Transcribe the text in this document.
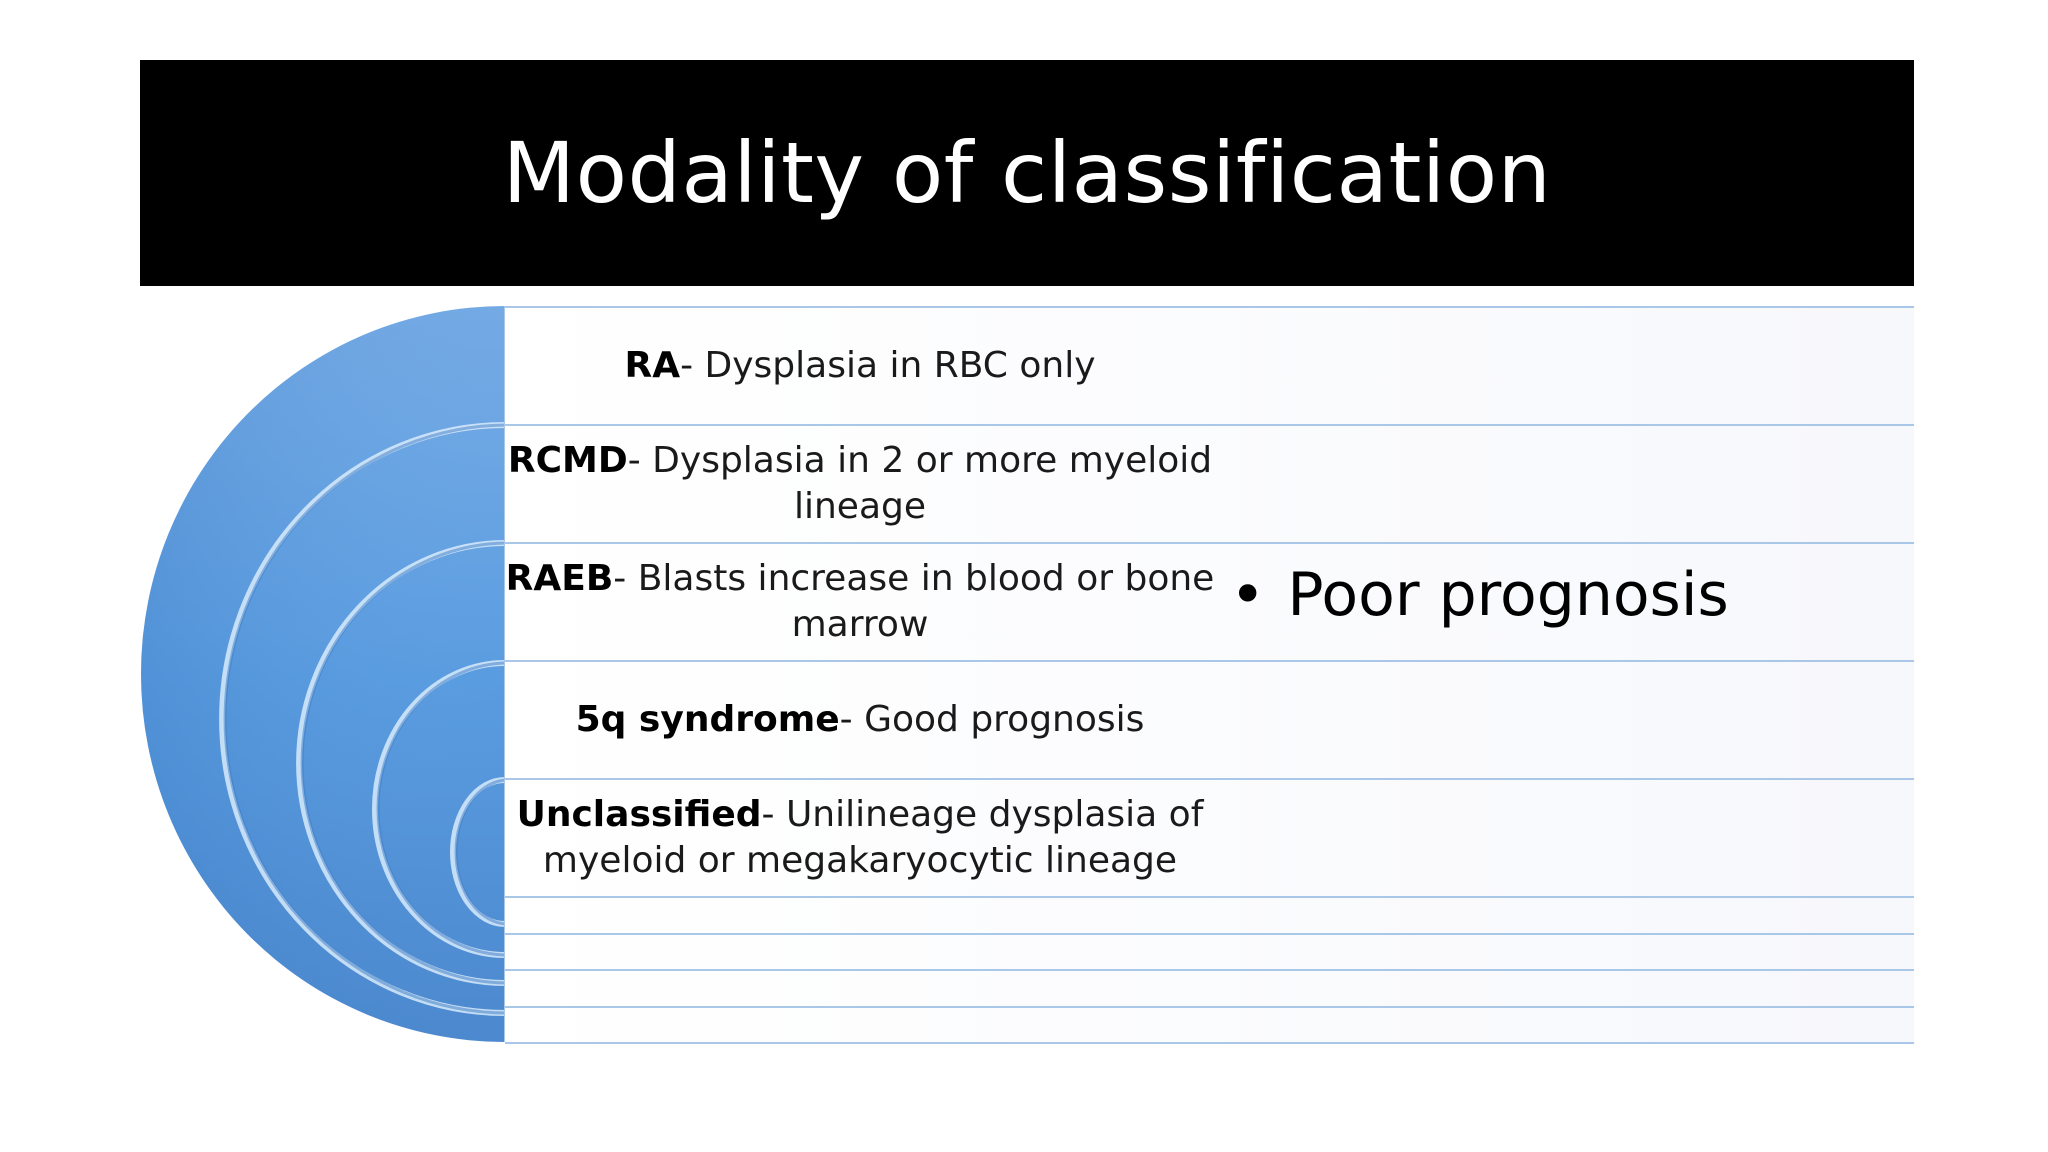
Modality of classification
RA- Dysplasia in RBC only
RCMD- Dysplasia in 2 or more myeloid lineage
RAEB- Blasts increase in blood or bone marrow
5q syndrome- Good prognosis
Unclassified- Unilineage dysplasia of myeloid or megakaryocytic lineage
• Poor prognosis
